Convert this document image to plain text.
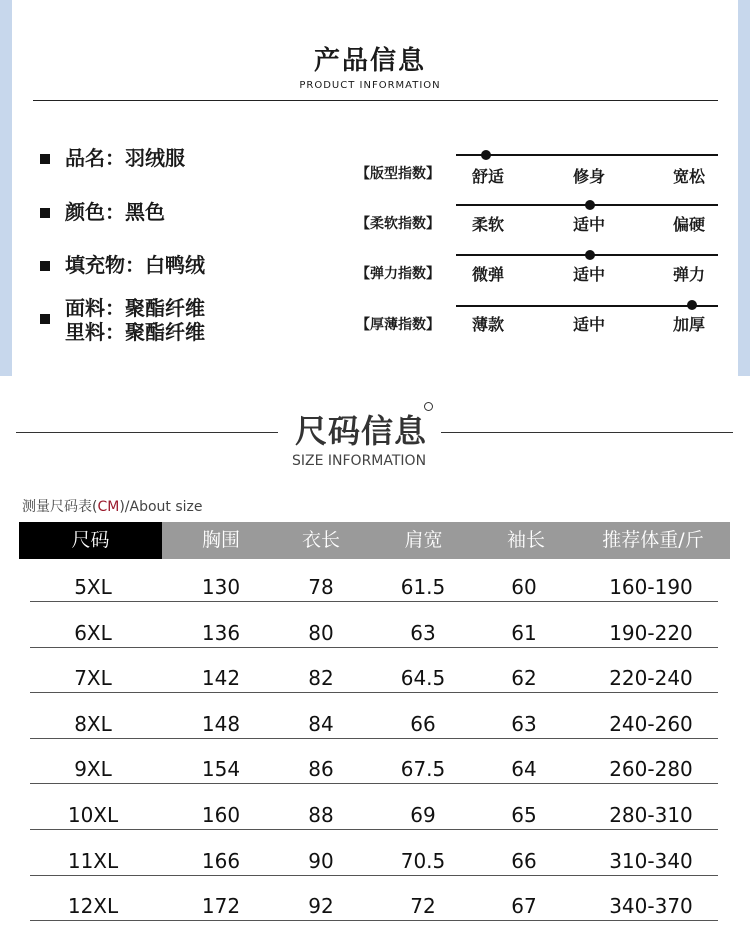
产品信息
PRODUCT INFORMATION
品名：羽绒服
颜色：黑色
填充物：白鸭绒
面料：聚酯纤维
里料：聚酯纤维
【版型指数】 舒适	修身	宽松
【柔软指数】 柔软	适中	偏硬
【弹力指数】 微弹	适中	弹力
【厚薄指数】 薄款	适中	加厚
尺码信息
SIZE INFORMATION
测量尺码表(CM)/About size
尺码	胸围	衣长	肩宽	袖长	推荐体重/斤
5XL	130	78	61.5	60	160-190
6XL	136	80	63	61	190-220
7XL	142	82	64.5	62	220-240
8XL	148	84	66	63	240-260
9XL	154	86	67.5	64	260-280
10XL	160	88	69	65	280-310
11XL	166	90	70.5	66	310-340
12XL	172	92	72	67	340-370
